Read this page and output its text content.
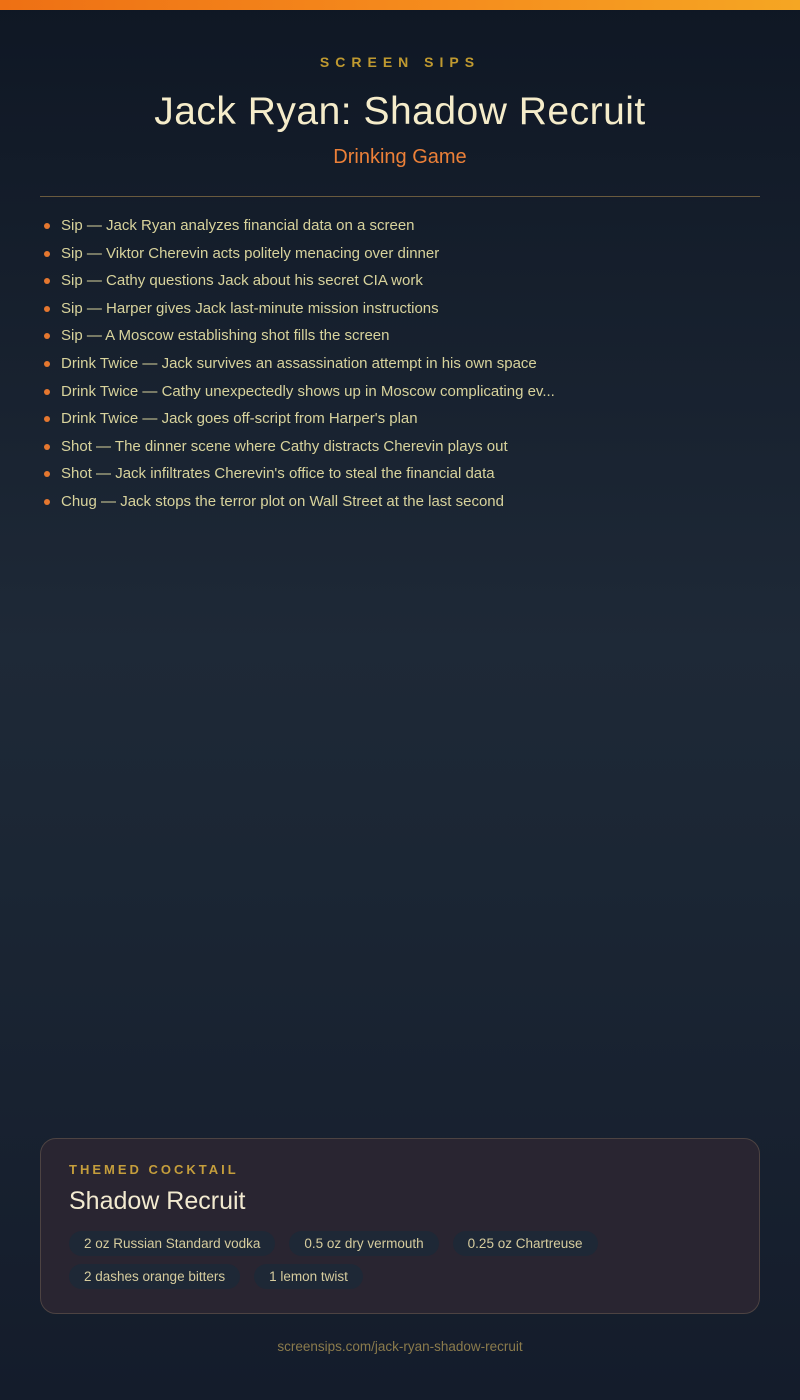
SCREEN SIPS
Jack Ryan: Shadow Recruit
Drinking Game
Sip — Jack Ryan analyzes financial data on a screen
Sip — Viktor Cherevin acts politely menacing over dinner
Sip — Cathy questions Jack about his secret CIA work
Sip — Harper gives Jack last-minute mission instructions
Sip — A Moscow establishing shot fills the screen
Drink Twice — Jack survives an assassination attempt in his own space
Drink Twice — Cathy unexpectedly shows up in Moscow complicating ev...
Drink Twice — Jack goes off-script from Harper's plan
Shot — The dinner scene where Cathy distracts Cherevin plays out
Shot — Jack infiltrates Cherevin's office to steal the financial data
Chug — Jack stops the terror plot on Wall Street at the last second
THEMED COCKTAIL
Shadow Recruit
2 oz Russian Standard vodka	0.5 oz dry vermouth	0.25 oz Chartreuse
2 dashes orange bitters	1 lemon twist
screensips.com/jack-ryan-shadow-recruit
